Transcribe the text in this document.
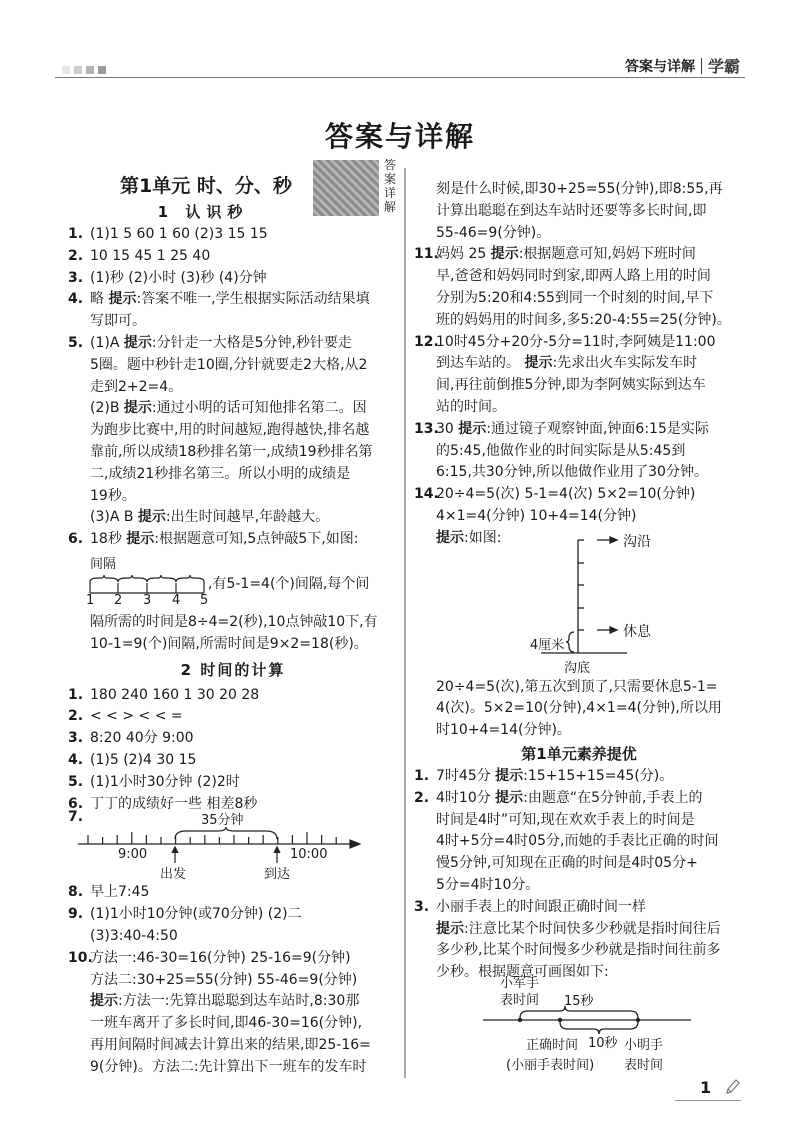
答案与详解 学霸
答案与详解
第1单元 时、分、秒
答案详解
1 认识秒
1. (1)1 5 60 1 60 (2)3 15 15
2. 10 15 45 1 25 40
3. (1)秒 (2)小时 (3)秒 (4)分钟
4. 略 提示:答案不唯一,学生根据实际活动结果填
写即可。
5. (1)A 提示:分针走一大格是5分钟,秒针要走
5圈。题中秒针走10圈,分针就要走2大格,从2
走到2+2=4。
(2)B 提示:通过小明的话可知他排名第二。因
为跑步比赛中,用的时间越短,跑得越快,排名越
靠前,所以成绩18秒排名第一,成绩19秒排名第
二,成绩21秒排名第三。所以小明的成绩是
19秒。
(3)A B 提示:出生时间越早,年龄越大。
6. 18秒 提示:根据题意可知,5点钟敲5下,如图:
间隔
1 2 3 4 5
,有5-1=4(个)间隔,每个间
隔所需的时间是8÷4=2(秒),10点钟敲10下,有
10-1=9(个)间隔,所需时间是9×2=18(秒)。
2 时间的计算
1. 180 240 160 1 30 20 28
2. < < > < < =
3. 8:20 40分 9:00
4. (1)5 (2)4 30 15
5. (1)1小时30分钟 (2)2时
6. 丁丁的成绩好一些 相差8秒
7.	35分钟
9:00	10:00
出发	到达
8. 早上7:45
9. (1)1小时10分钟(或70分钟) (2)二
(3)3:40-4:50
10.方法一:46-30=16(分钟) 25-16=9(分钟)
方法二:30+25=55(分钟) 55-46=9(分钟)
提示:方法一:先算出聪聪到达车站时,8:30那
一班车离开了多长时间,即46-30=16(分钟),
再用间隔时间减去计算出来的结果,即25-16=
9(分钟)。方法二:先计算出下一班车的发车时
刻是什么时候,即30+25=55(分钟),即8:55,再
计算出聪聪在到达车站时还要等多长时间,即
55-46=9(分钟)。
11.妈妈 25 提示:根据题意可知,妈妈下班时间
早,爸爸和妈妈同时到家,即两人路上用的时间
分别为5:20和4:55到同一个时刻的时间,早下
班的妈妈用的时间多,多5:20-4:55=25(分钟)。
12.10时45分+20分-5分=11时,李阿姨是11:00
到达车站的。 提示:先求出火车实际发车时
间,再往前倒推5分钟,即为李阿姨实际到达车
站的时间。
13.30 提示:通过镜子观察钟面,钟面6:15是实际
的5:45,他做作业的时间实际是从5:45到
6:15,共30分钟,所以他做作业用了30分钟。
14.20÷4=5(次) 5-1=4(次) 5×2=10(分钟)
4×1=4(分钟) 10+4=14(分钟)
提示:如图:	沟沿
休息
4厘米
沟底
20÷4=5(次),第五次到顶了,只需要休息5-1=
4(次)。5×2=10(分钟),4×1=4(分钟),所以用
时10+4=14(分钟)。
第1单元素养提优
1. 7时45分 提示:15+15+15=45(分)。
2. 4时10分 提示:由题意“在5分钟前,手表上的
时间是4时”可知,现在欢欢手表上的时间是
4时+5分=4时05分,而她的手表比正确的时间
慢5分钟,可知现在正确的时间是4时05分+
5分=4时10分。
3. 小丽手表上的时间跟正确时间一样
提示:注意比某个时间快多少秒就是指时间往后
多少秒,比某个时间慢多少秒就是指时间往前多
少秒。根据题意可画图如下:
小军手
表时间 15秒
正确时间
(小丽手表时间)
10秒 小明手
表时间
1
